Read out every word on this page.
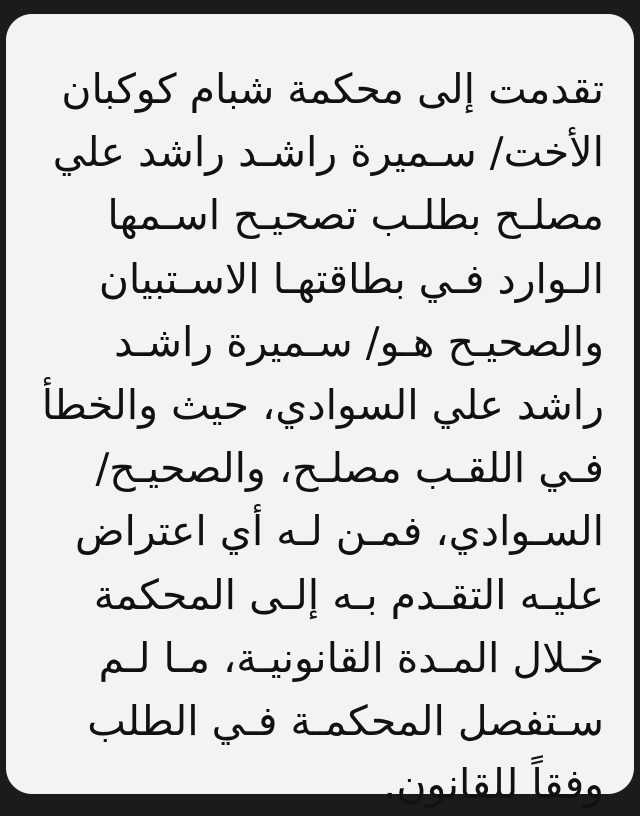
تقدمت إلى محكمة شبام كوكبان
الأخت/ سـميرة راشـد راشد علي
مصلـح بطلـب تصحيـح اسـمها
الـوارد فـي بطاقتهـا الاسـتبيان
والصحيـح هـو/ سـميرة راشـد
راشد علي السوادي، حيث والخطأ
فـي اللقـب مصلـح، والصحيـح/
السـوادي، فمـن لـه أي اعتراض
عليـه التقـدم بـه إلـى المحكمة
خـلال المـدة القانونيـة، مـا لـم
سـتفصل المحكمـة فـي الطلب
وفقاً للقانون.
